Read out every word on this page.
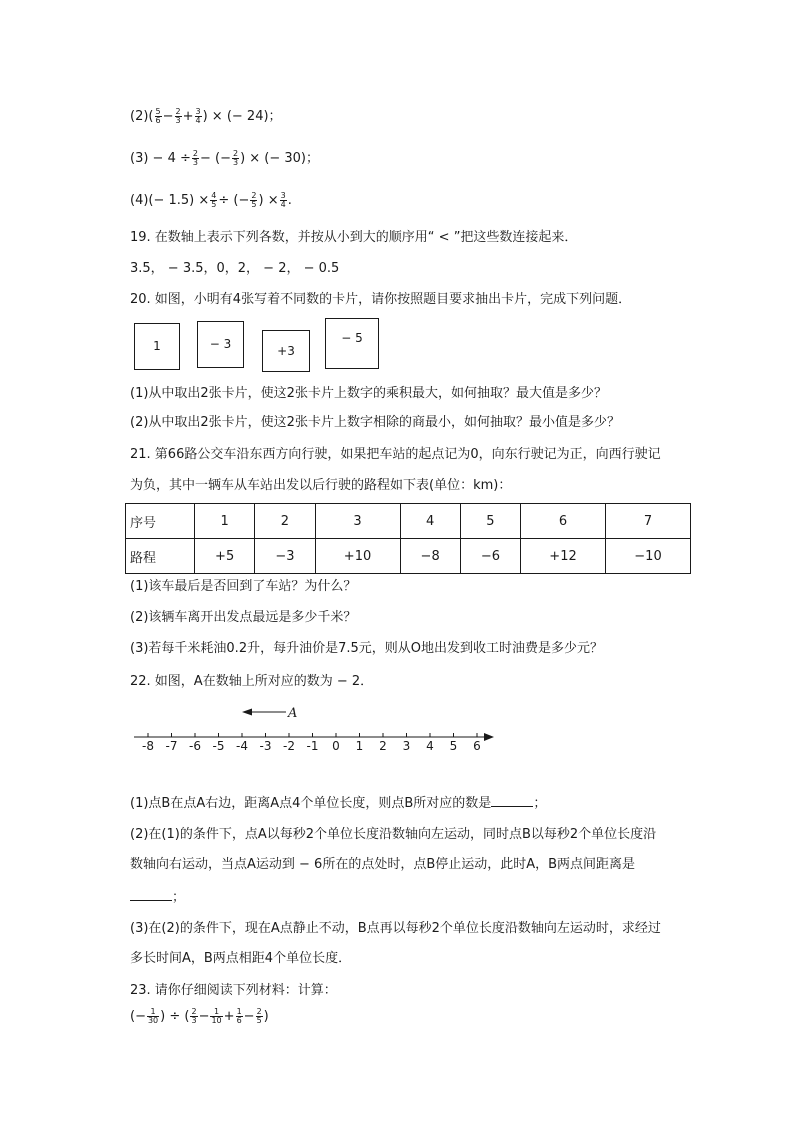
$(2)( \frac{5}{6} - \frac{2}{3} + \frac{3}{4}$ ) × (− 24)；
$(3) - 4 \div \frac{2}{3}$ − (− $\frac{2}{3}$ ) × (− 30)；
$(4)(- 1.5) \times \frac{4}{5}$ ÷ (− $\frac{2}{5}$ ) × $\frac{3}{4}$ .
19. 在数轴上表示下列各数，并按从小到大的顺序用“ < ”把这些数连接起来．
3.5， − 3.5，0，2， − 2， − 0.5
20. 如图，小明有4张写着不同数的卡片，请你按照题目要求抽出卡片，完成下列问题．
1	− 3	+3
− 5
(1)从中取出2张卡片，使这2张卡片上数字的乘积最大，如何抽取？最大值是多少？
(2)从中取出2张卡片，使这2张卡片上数字相除的商最小，如何抽取？最小值是多少？
21. 第66路公交车沿东西方向行驶，如果把车站的起点记为0，向东行驶记为正，向西行驶记
为负，其中一辆车从车站出发以后行驶的路程如下表(单位：km)：
序号	1	2	3	4	5	6	7
路程	+5	−3	+10	−8	−6	+12	−10
(1)该车最后是否回到了车站？为什么？
(2)该辆车离开出发点最远是多少千米？
(3)若每千米耗油0.2升，每升油价是7.5元，则从O地出发到收工时油费是多少元？
22. 如图，A在数轴上所对应的数为 − 2．
A
-8 -7 -6 -5 -4 -3 -2 -1 0 1 2 3 4 5 6
(1)点B在点A右边，距离A点4个单位长度，则点B所对应的数是	；
(2)在(1)的条件下，点A以每秒2个单位长度沿数轴向左运动，同时点B以每秒2个单位长度沿
数轴向右运动，当点A运动到 − 6所在的点处时，点B停止运动，此时A，B两点间距离是
；
(3)在(2)的条件下，现在A点静止不动，B点再以每秒2个单位长度沿数轴向左运动时，求经过
多长时间A，B两点相距4个单位长度．
23. 请你仔细阅读下列材料：计算：
(− $\frac{1}{30}$ ) ÷ ( $\frac{2}{3} - \frac{1}{10} + \frac{1}{6} - \frac{2}{5}$ )
